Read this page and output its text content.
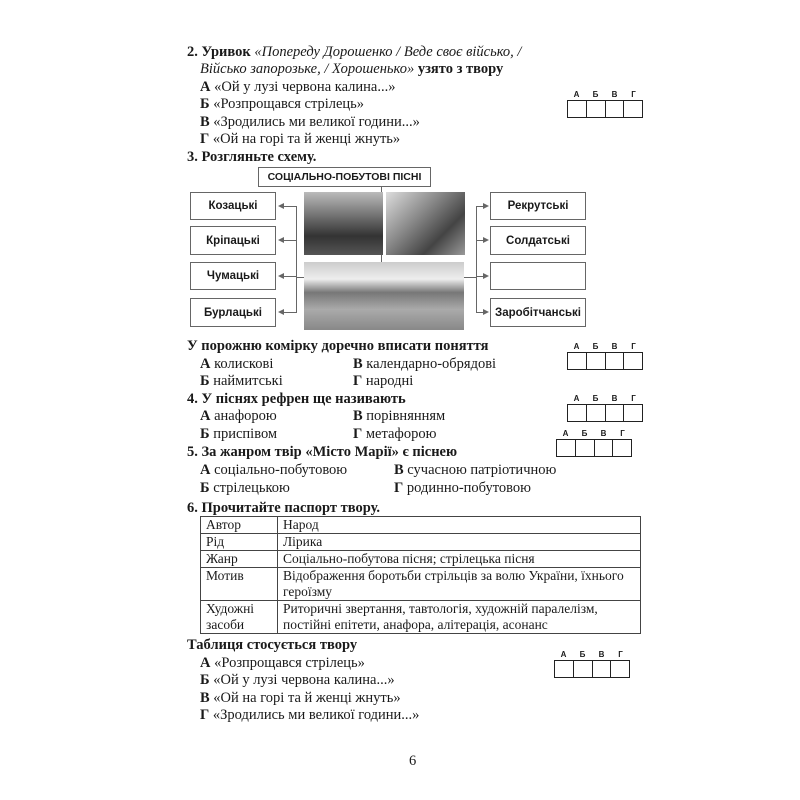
2. Уривок «Попереду Дорошенко / Веде своє військо, /
Військо запорозьке, / Хорошенько» узято з твору
А «Ой у лузі червона калина...»
Б «Розпрощався стрілець»
В «Зродились ми великої години...»
Г «Ой на горі та й женці жнуть»
А	Б	В	Г
3. Розгляньте схему.
СОЦІАЛЬНО-ПОБУТОВІ ПІСНІ
Козацькі
Кріпацькі
Чумацькі
Бурлацькі
Рекрутські
Солдатські
Заробітчанські
У порожню комірку доречно вписати поняття
А колискові
Б наймитські
В календарно-обрядові
Г народні
А	Б	В	Г
4. У піснях рефрен ще називають
А анафорою
Б приспівом
В порівнянням
Г метафорою
А	Б	В	Г
5. За жанром твір «Місто Марії» є піснею
А соціально-побутовою
Б стрілецькою
В сучасною патріотичною
Г родинно-побутовою
А	Б	В	Г
6. Прочитайте паспорт твору.
Автор	Народ
Рід	Лірика
Жанр	Соціально-побутова пісня; стрілецька пісня
Мотив	Відображення боротьби стрільців за волю України, їхнього героїзму
Художні засоби	Риторичні звертання, тавтологія, художній паралелізм, постійні епітети, анафора, алітерація, асонанс
Таблиця стосується твору
А «Розпрощався стрілець»
Б «Ой у лузі червона калина...»
В «Ой на горі та й женці жнуть»
Г «Зродились ми великої години...»
А	Б	В	Г
6
